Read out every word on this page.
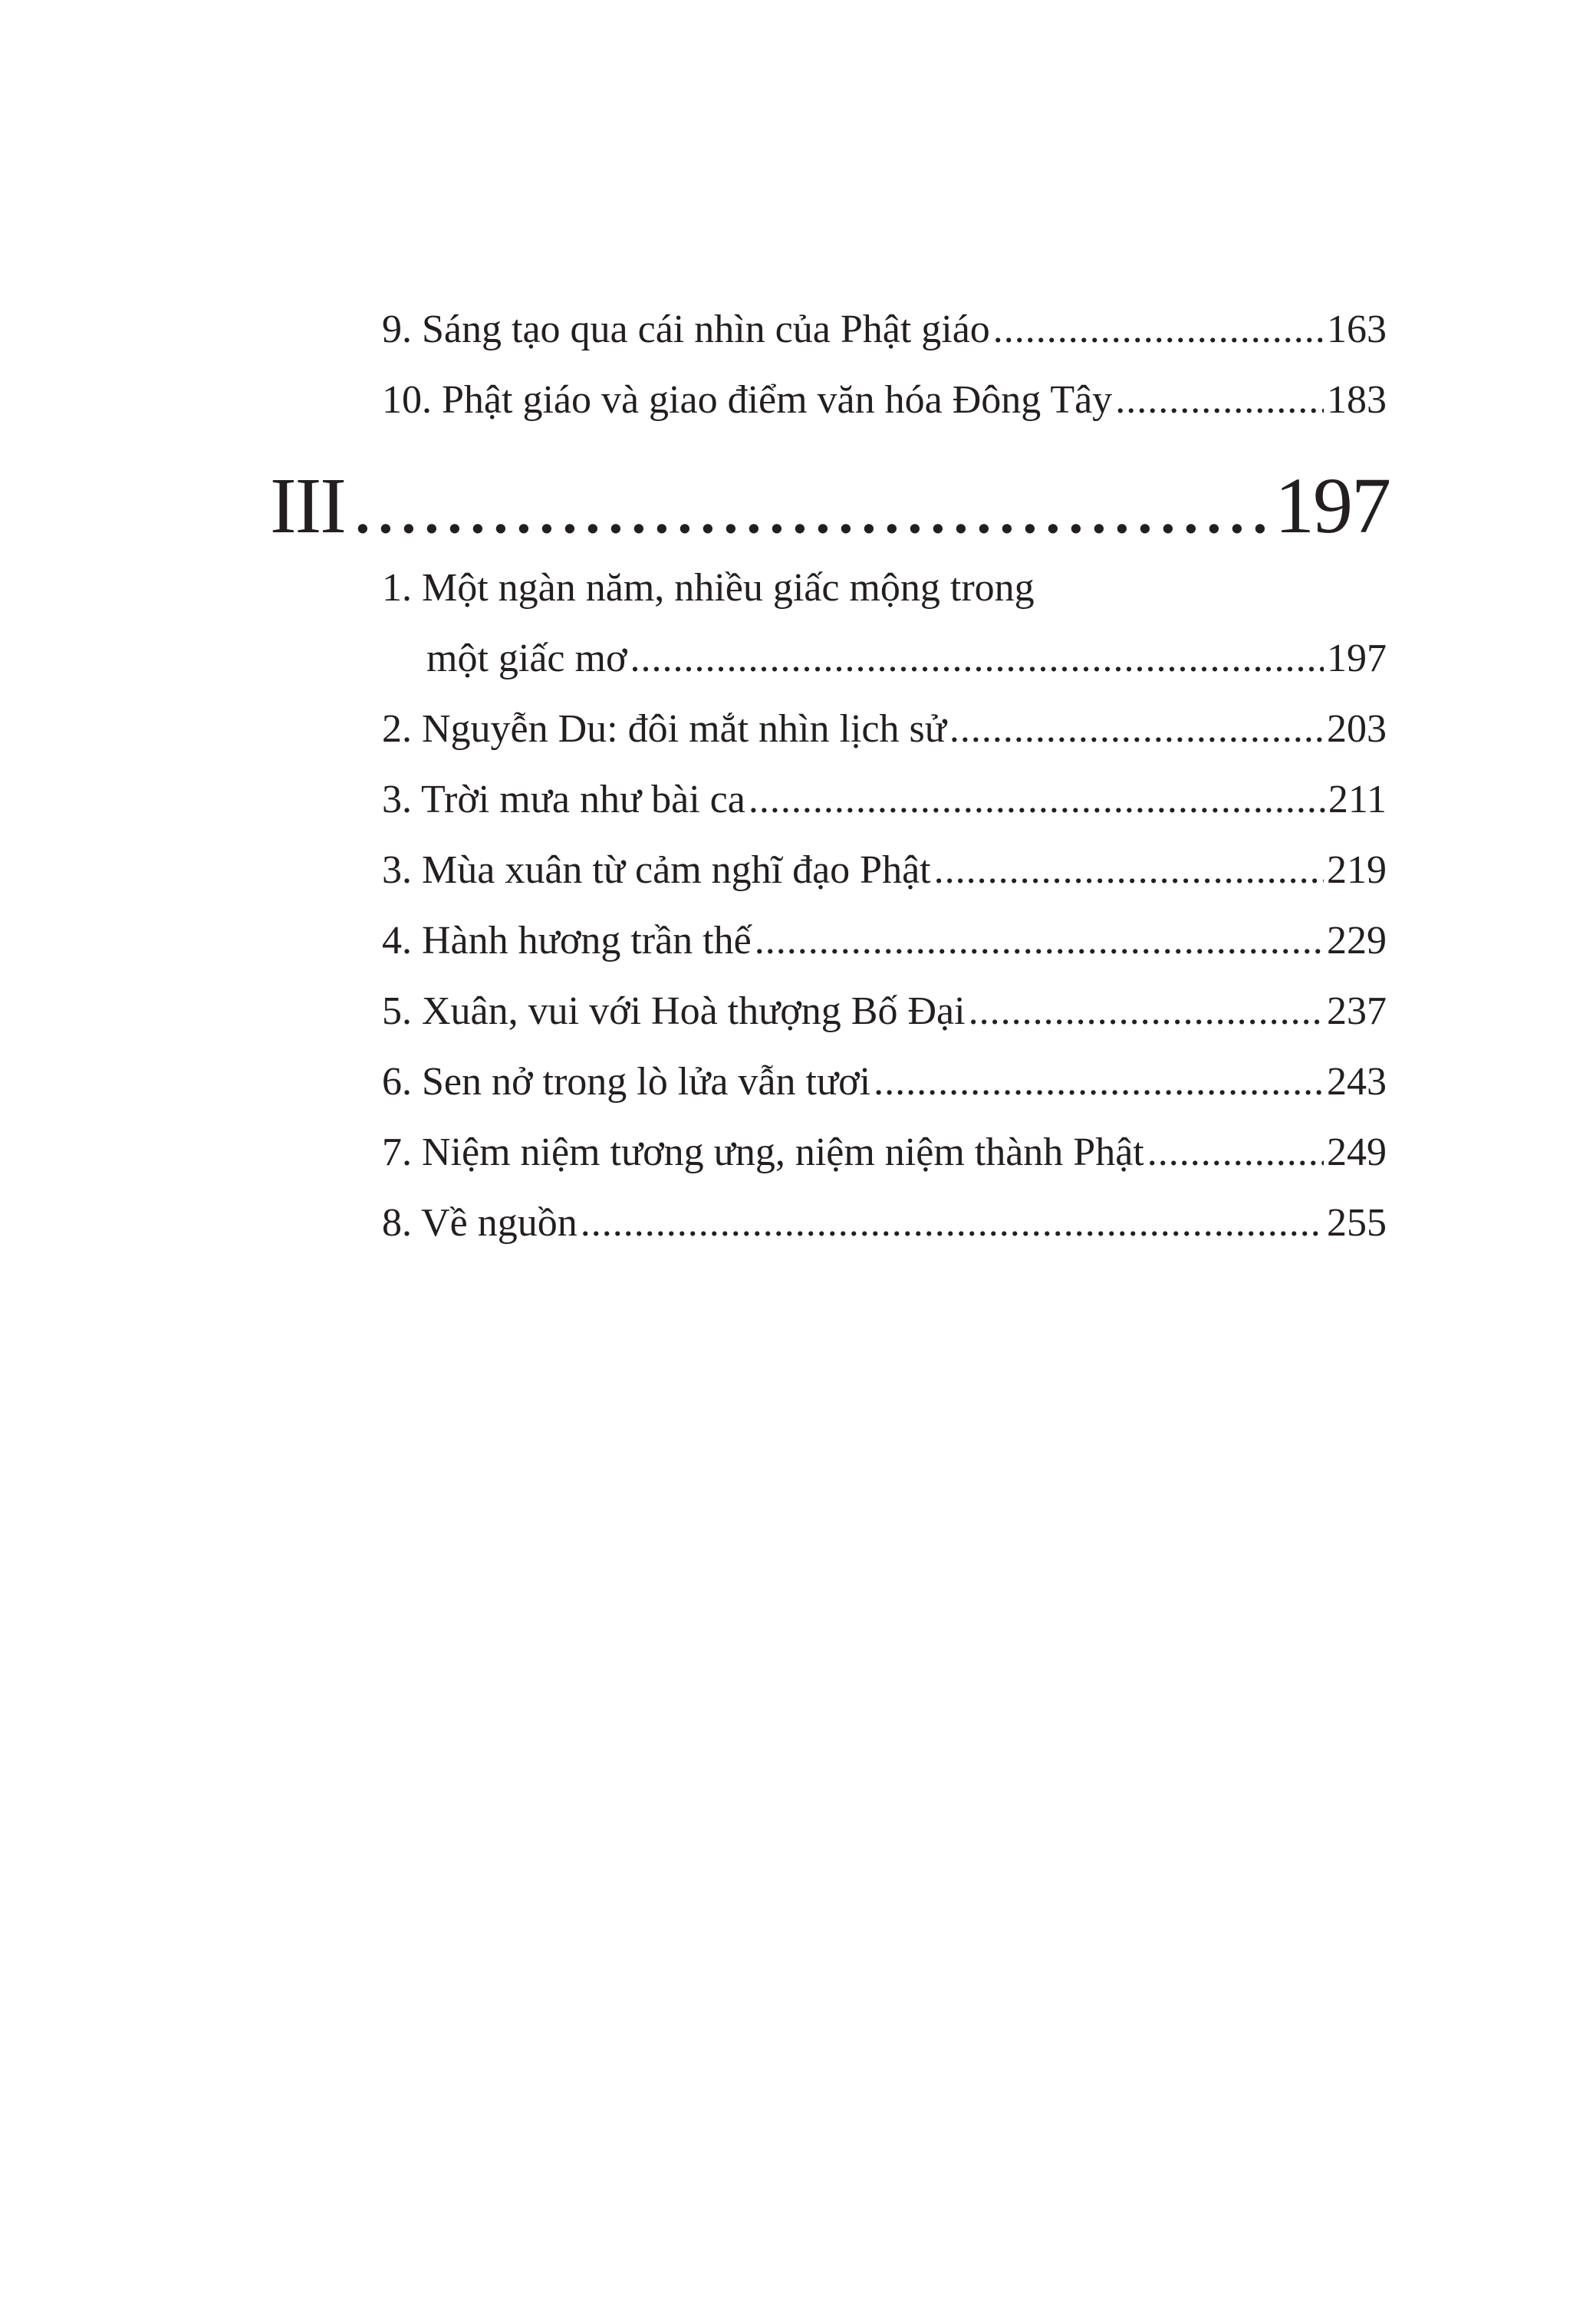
9. Sáng tạo qua cái nhìn của Phật giáo .....	163
10. Phật giáo và giao điểm văn hóa Đông Tây .....	183
III .....	197
1. Một ngàn năm, nhiều giấc mộng trong
một giấc mơ .....	197
2. Nguyễn Du: đôi mắt nhìn lịch sử .....	203
3. Trời mưa như bài ca .....	211
3. Mùa xuân từ cảm nghĩ đạo Phật .....	219
4. Hành hương trần thế .....	229
5. Xuân, vui với Hoà thượng Bố Đại .....	237
6. Sen nở trong lò lửa vẫn tươi .....	243
7. Niệm niệm tương ưng, niệm niệm thành Phật .....	249
8. Về nguồn .....	255
